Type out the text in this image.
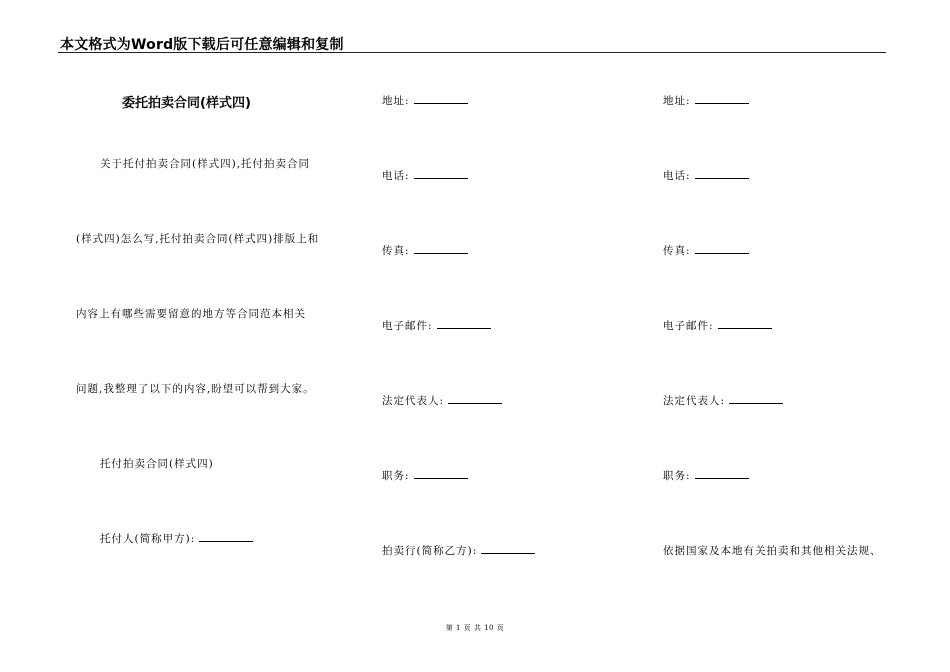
本文格式为Word版下载后可任意编辑和复制
委托拍卖合同(样式四)
关于托付拍卖合同(样式四),托付拍卖合同
(样式四)怎么写,托付拍卖合同(样式四)排版上和
内容上有哪些需要留意的地方等合同范本相关
问题,我整理了以下的内容,盼望可以帮到大家。
托付拍卖合同(样式四)
托付人(简称甲方):
地址:
电话:
传真:
电子邮件:
法定代表人:
职务:
拍卖行(简称乙方):
地址:
电话:
传真:
电子邮件:
法定代表人:
职务:
依据国家及本地有关拍卖和其他相关法规、
第 1 页 共 10 页
